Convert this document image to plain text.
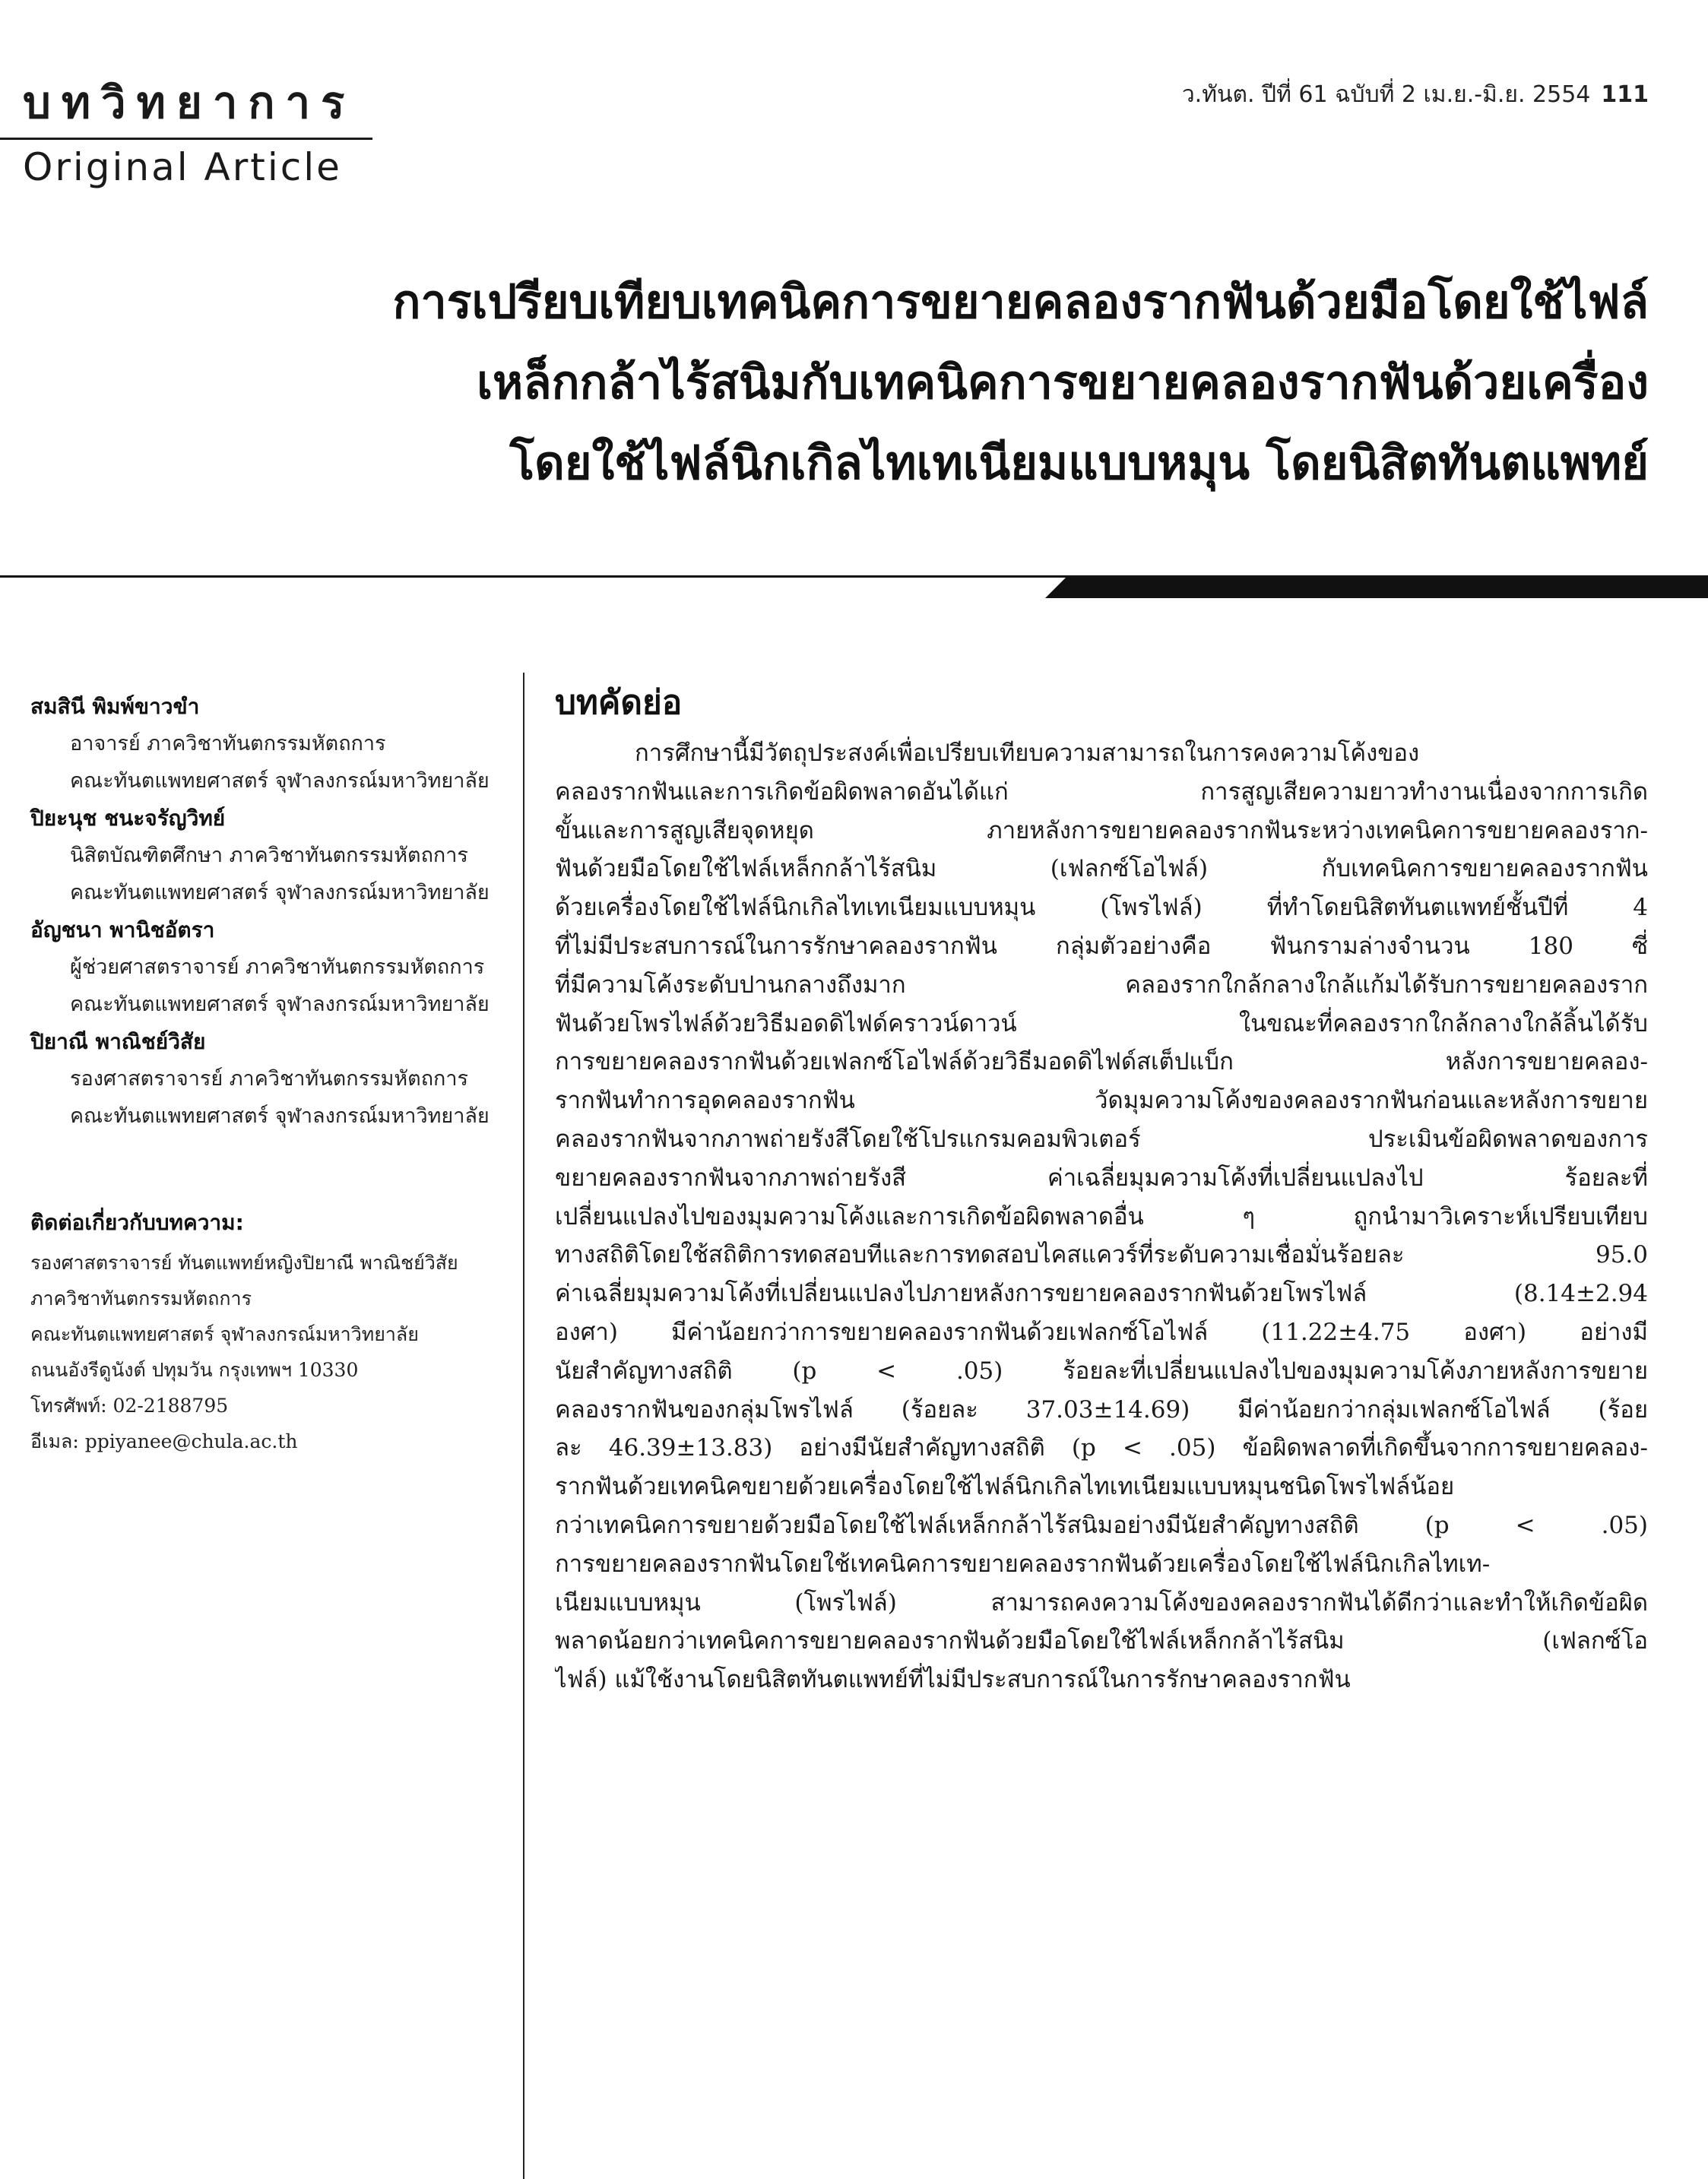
บทวิทยาการ
Original Article
ว.ทันต. ปีที่ 61 ฉบับที่ 2 เม.ย.-มิ.ย. 2554 111
การเปรียบเทียบเทคนิคการขยายคลองรากฟันด้วยมือโดยใช้ไฟล์
เหล็กกล้าไร้สนิมกับเทคนิคการขยายคลองรากฟันด้วยเครื่อง
โดยใช้ไฟล์นิกเกิลไทเทเนียมแบบหมุน โดยนิสิตทันตแพทย์
สมสินี พิมพ์ขาวขำ
อาจารย์ ภาควิชาทันตกรรมหัตถการ
คณะทันตแพทยศาสตร์ จุฬาลงกรณ์มหาวิทยาลัย
ปิยะนุช ชนะจรัญวิทย์
นิสิตบัณฑิตศึกษา ภาควิชาทันตกรรมหัตถการ
คณะทันตแพทยศาสตร์ จุฬาลงกรณ์มหาวิทยาลัย
อัญชนา พานิชอัตรา
ผู้ช่วยศาสตราจารย์ ภาควิชาทันตกรรมหัตถการ
คณะทันตแพทยศาสตร์ จุฬาลงกรณ์มหาวิทยาลัย
ปิยาณี พาณิชย์วิสัย
รองศาสตราจารย์ ภาควิชาทันตกรรมหัตถการ
คณะทันตแพทยศาสตร์ จุฬาลงกรณ์มหาวิทยาลัย
ติดต่อเกี่ยวกับบทความ:
รองศาสตราจารย์ ทันตแพทย์หญิงปิยาณี พาณิชย์วิสัย
ภาควิชาทันตกรรมหัตถการ
คณะทันตแพทยศาสตร์ จุฬาลงกรณ์มหาวิทยาลัย
ถนนอังรีดูนังต์ ปทุมวัน กรุงเทพฯ 10330
โทรศัพท์: 02-2188795
อีเมล: ppiyanee@chula.ac.th
บทคัดย่อ
การศึกษานี้มีวัตถุประสงค์เพื่อเปรียบเทียบความสามารถในการคงความโค้งของ
คลองรากฟันและการเกิดข้อผิดพลาดอันได้แก่ การสูญเสียความยาวทำงานเนื่องจากการเกิด
ขั้นและการสูญเสียจุดหยุด ภายหลังการขยายคลองรากฟันระหว่างเทคนิคการขยายคลองราก-
ฟันด้วยมือโดยใช้ไฟล์เหล็กกล้าไร้สนิม (เฟลกซ์โอไฟล์) กับเทคนิคการขยายคลองรากฟัน
ด้วยเครื่องโดยใช้ไฟล์นิกเกิลไทเทเนียมแบบหมุน (โพรไฟล์) ที่ทำโดยนิสิตทันตแพทย์ชั้นปีที่ 4
ที่ไม่มีประสบการณ์ในการรักษาคลองรากฟัน กลุ่มตัวอย่างคือ ฟันกรามล่างจำนวน 180 ซี่
ที่มีความโค้งระดับปานกลางถึงมาก คลองรากใกล้กลางใกล้แก้มได้รับการขยายคลองราก
ฟันด้วยโพรไฟล์ด้วยวิธีมอดดิไฟด์คราวน์ดาวน์ ในขณะที่คลองรากใกล้กลางใกล้ลิ้นได้รับ
การขยายคลองรากฟันด้วยเฟลกซ์โอไฟล์ด้วยวิธีมอดดิไฟด์สเต็ปแบ็ก หลังการขยายคลอง-
รากฟันทำการอุดคลองรากฟัน วัดมุมความโค้งของคลองรากฟันก่อนและหลังการขยาย
คลองรากฟันจากภาพถ่ายรังสีโดยใช้โปรแกรมคอมพิวเตอร์ ประเมินข้อผิดพลาดของการ
ขยายคลองรากฟันจากภาพถ่ายรังสี ค่าเฉลี่ยมุมความโค้งที่เปลี่ยนแปลงไป ร้อยละที่
เปลี่ยนแปลงไปของมุมความโค้งและการเกิดข้อผิดพลาดอื่น ๆ ถูกนำมาวิเคราะห์เปรียบเทียบ
ทางสถิติโดยใช้สถิติการทดสอบทีและการทดสอบไคสแควร์ที่ระดับความเชื่อมั่นร้อยละ 95.0
ค่าเฉลี่ยมุมความโค้งที่เปลี่ยนแปลงไปภายหลังการขยายคลองรากฟันด้วยโพรไฟล์ (8.14±2.94
องศา) มีค่าน้อยกว่าการขยายคลองรากฟันด้วยเฟลกซ์โอไฟล์ (11.22±4.75 องศา) อย่างมี
นัยสำคัญทางสถิติ (p < .05) ร้อยละที่เปลี่ยนแปลงไปของมุมความโค้งภายหลังการขยาย
คลองรากฟันของกลุ่มโพรไฟล์ (ร้อยละ 37.03±14.69) มีค่าน้อยกว่ากลุ่มเฟลกซ์โอไฟล์ (ร้อย
ละ 46.39±13.83) อย่างมีนัยสำคัญทางสถิติ (p < .05) ข้อผิดพลาดที่เกิดขึ้นจากการขยายคลอง-
รากฟันด้วยเทคนิคขยายด้วยเครื่องโดยใช้ไฟล์นิกเกิลไทเทเนียมแบบหมุนชนิดโพรไฟล์น้อย
กว่าเทคนิคการขยายด้วยมือโดยใช้ไฟล์เหล็กกล้าไร้สนิมอย่างมีนัยสำคัญทางสถิติ (p < .05)
การขยายคลองรากฟันโดยใช้เทคนิคการขยายคลองรากฟันด้วยเครื่องโดยใช้ไฟล์นิกเกิลไทเท-
เนียมแบบหมุน (โพรไฟล์) สามารถคงความโค้งของคลองรากฟันได้ดีกว่าและทำให้เกิดข้อผิด
พลาดน้อยกว่าเทคนิคการขยายคลองรากฟันด้วยมือโดยใช้ไฟล์เหล็กกล้าไร้สนิม (เฟลกซ์โอ
ไฟล์) แม้ใช้งานโดยนิสิตทันตแพทย์ที่ไม่มีประสบการณ์ในการรักษาคลองรากฟัน
